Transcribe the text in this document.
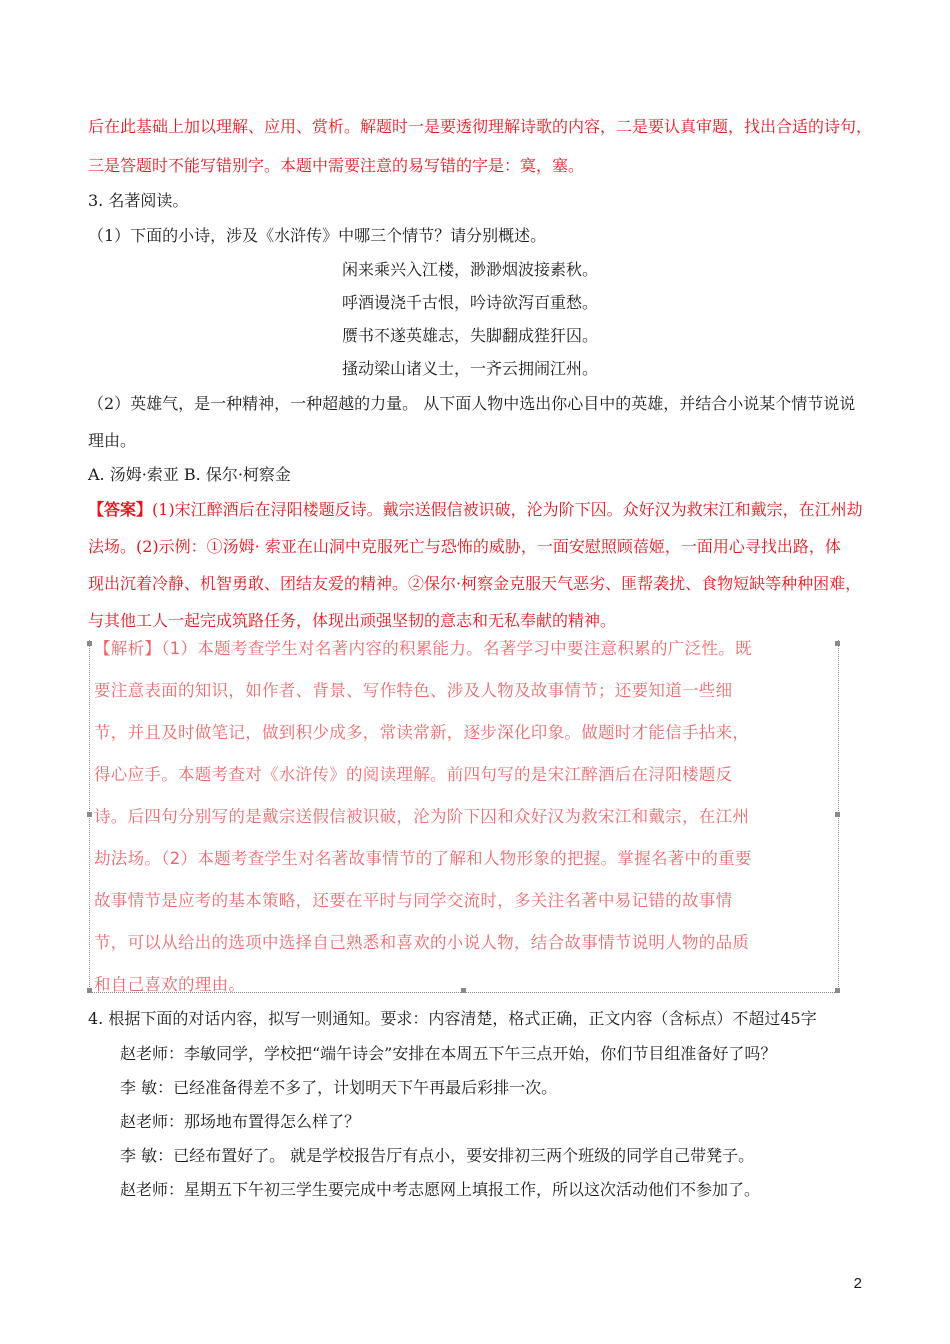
后在此基础上加以理解、应用、赏析。解题时一是要透彻理解诗歌的内容，二是要认真审题，找出合适的诗句，
三是答题时不能写错别字。本题中需要注意的易写错的字是：寞，塞。
3. 名著阅读。
（1）下面的小诗，涉及《水浒传》中哪三个情节？请分别概述。
闲来乘兴入江楼，渺渺烟波接素秋。
呼酒谩浇千古恨，吟诗欲泻百重愁。
赝书不遂英雄志，失脚翻成狴犴囚。
搔动梁山诸义士，一齐云拥闹江州。
（2）英雄气，是一种精神，一种超越的力量。 从下面人物中选出你心目中的英雄，并结合小说某个情节说说
理由。
A. 汤姆·索亚 B. 保尔·柯察金
【答案】(1)宋江醉酒后在浔阳楼题反诗。戴宗送假信被识破，沦为阶下囚。众好汉为救宋江和戴宗，在江州劫
法场。(2)示例：①汤姆· 索亚在山洞中克服死亡与恐怖的威胁，一面安慰照顾蓓姬，一面用心寻找出路，体
现出沉着冷静、机智勇敢、团结友爱的精神。②保尔·柯察金克服天气恶劣、匪帮袭扰、食物短缺等种种困难，
与其他工人一起完成筑路任务，体现出顽强坚韧的意志和无私奉献的精神。
【解析】（1）本题考查学生对名著内容的积累能力。名著学习中要注意积累的广泛性。既
要注意表面的知识，如作者、背景、写作特色、涉及人物及故事情节；还要知道一些细
节，并且及时做笔记，做到积少成多，常读常新，逐步深化印象。做题时才能信手拈来，
得心应手。本题考查对《水浒传》的阅读理解。前四句写的是宋江醉酒后在浔阳楼题反
诗。后四句分别写的是戴宗送假信被识破，沦为阶下囚和众好汉为救宋江和戴宗，在江州
劫法场。（2）本题考查学生对名著故事情节的了解和人物形象的把握。掌握名著中的重要
故事情节是应考的基本策略，还要在平时与同学交流时，多关注名著中易记错的故事情
节，可以从给出的选项中选择自己熟悉和喜欢的小说人物，结合故事情节说明人物的品质
和自己喜欢的理由。
4. 根据下面的对话内容，拟写一则通知。要求：内容清楚，格式正确，正文内容（含标点）不超过45字
赵老师：李敏同学，学校把“端午诗会”安排在本周五下午三点开始，你们节目组准备好了吗？
李 敏：已经准备得差不多了，计划明天下午再最后彩排一次。
赵老师：那场地布置得怎么样了？
李 敏：已经布置好了。 就是学校报告厅有点小，要安排初三两个班级的同学自己带凳子。
赵老师：星期五下午初三学生要完成中考志愿网上填报工作，所以这次活动他们不参加了。
2
